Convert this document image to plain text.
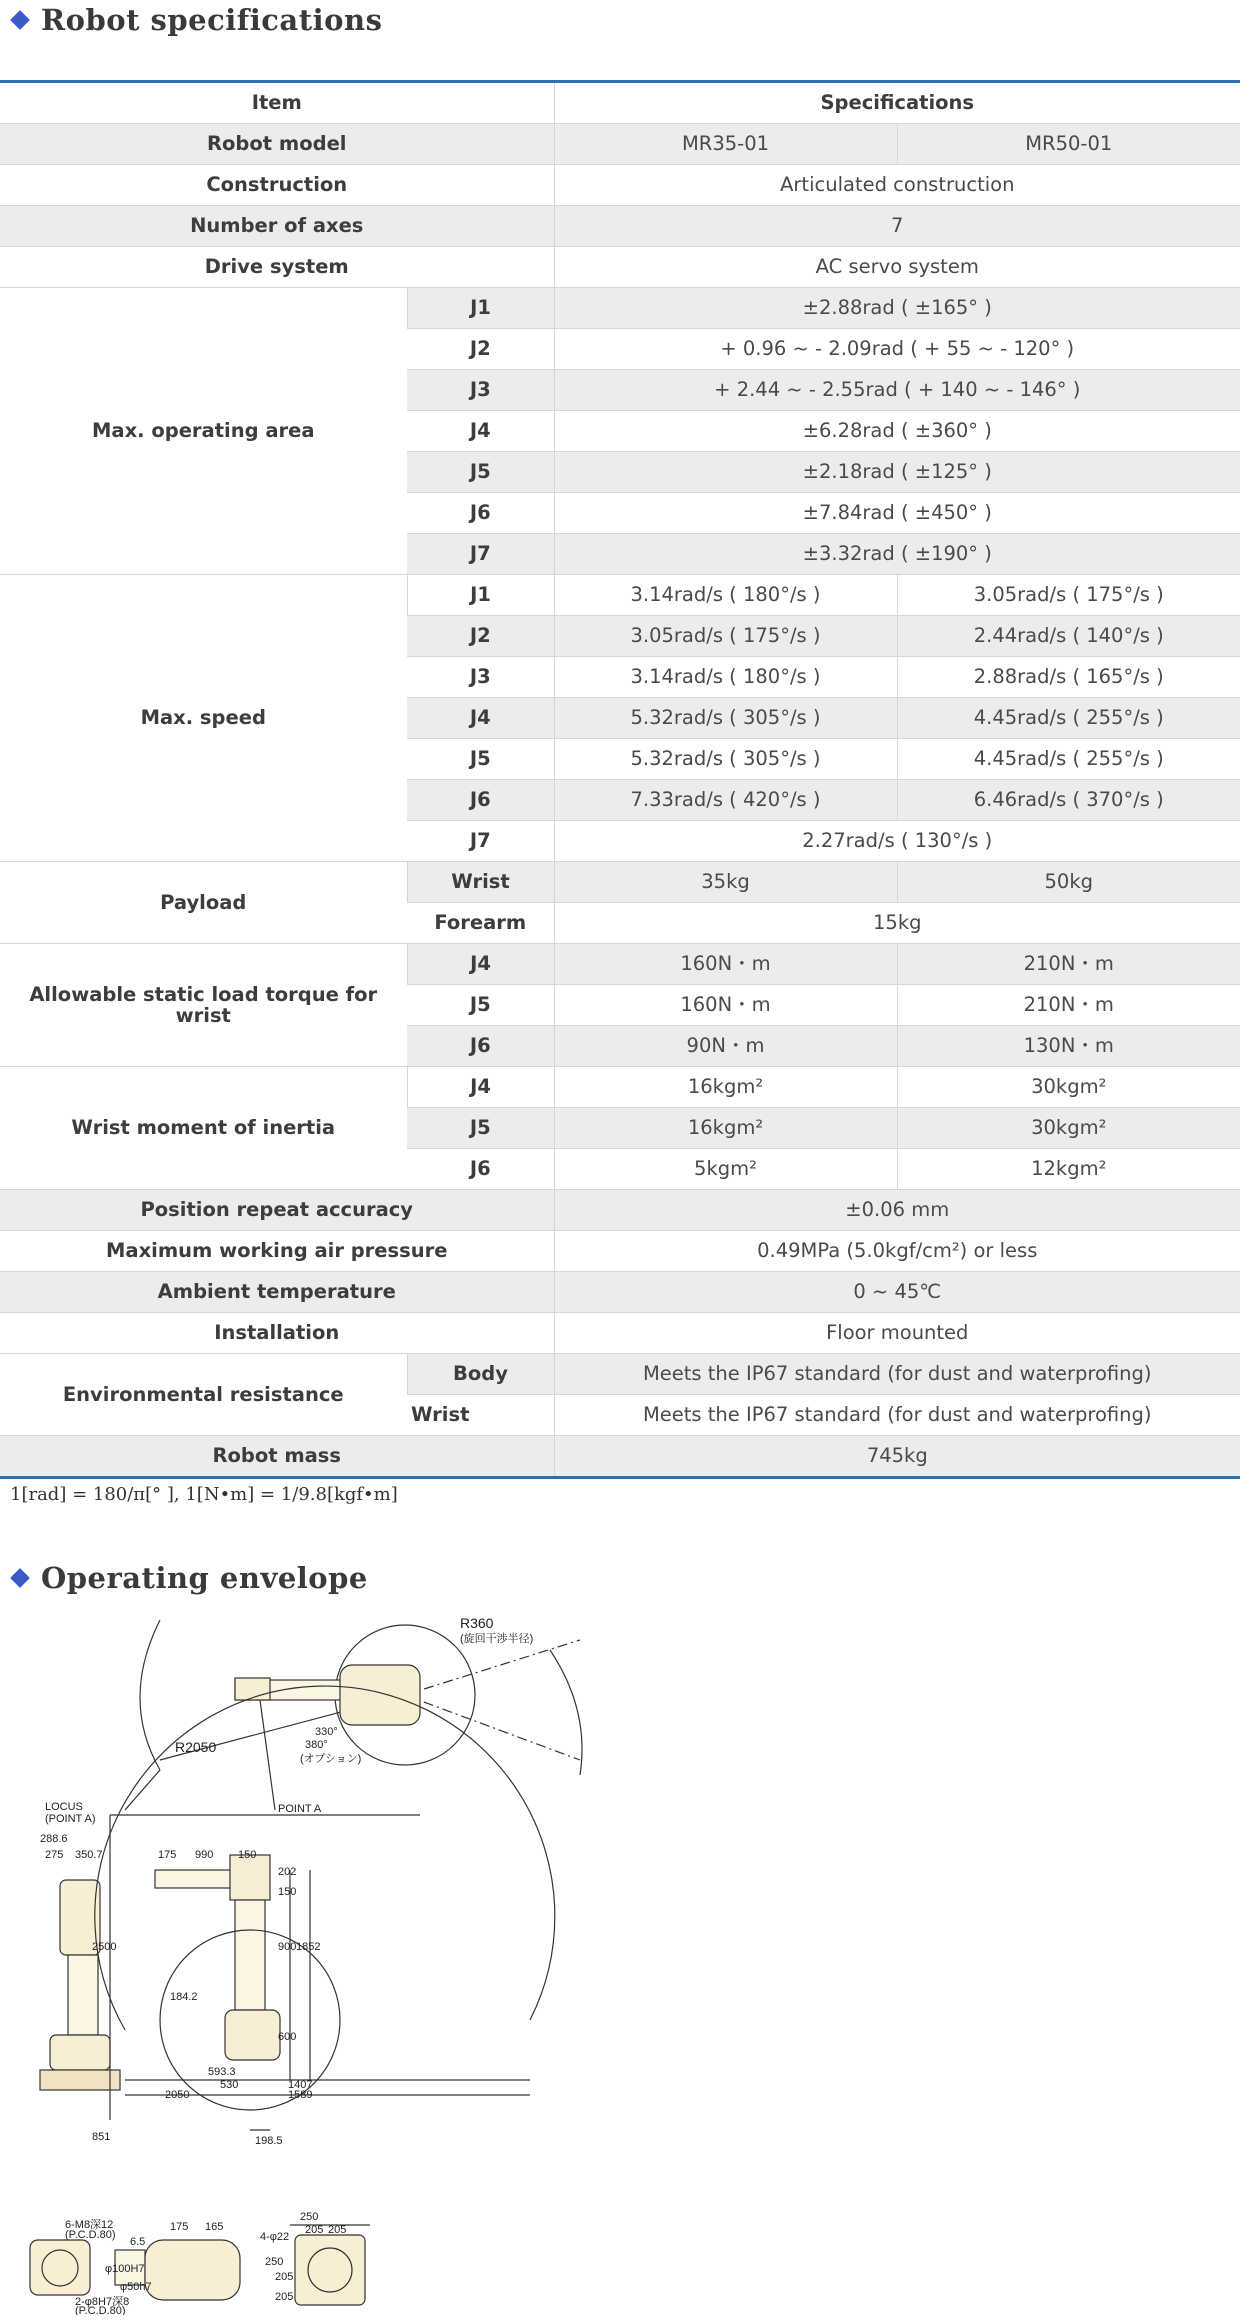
Robot specifications
Item		Specifications	
Robot model		MR35-01	MR50-01
Construction		Articulated construction	
Number of axes		7	
Drive system		AC servo system	
Max. operating area	J1	±2.88rad ( ±165° )	
	J2	+ 0.96 ~ - 2.09rad ( + 55 ~ - 120° )	
	J3	+ 2.44 ~ - 2.55rad ( + 140 ~ - 146° )	
	J4	±6.28rad ( ±360° )	
	J5	±2.18rad ( ±125° )	
	J6	±7.84rad ( ±450° )	
	J7	±3.32rad ( ±190° )	
Max. speed	J1	3.14rad/s ( 180°/s )	3.05rad/s ( 175°/s )
	J2	3.05rad/s ( 175°/s )	2.44rad/s ( 140°/s )
	J3	3.14rad/s ( 180°/s )	2.88rad/s ( 165°/s )
	J4	5.32rad/s ( 305°/s )	4.45rad/s ( 255°/s )
	J5	5.32rad/s ( 305°/s )	4.45rad/s ( 255°/s )
	J6	7.33rad/s ( 420°/s )	6.46rad/s ( 370°/s )
	J7	2.27rad/s ( 130°/s )	
Payload	Wrist	35kg	50kg
	Forearm	15kg	
Allowable static load torque for wrist	J4	160N・m	210N・m
	J5	160N・m	210N・m
	J6	90N・m	130N・m
Wrist moment of inertia	J4	16kgm²	30kgm²
	J5	16kgm²	30kgm²
	J6	5kgm²	12kgm²
Position repeat accuracy		±0.06 mm	
Maximum working air pressure		0.49MPa (5.0kgf/cm²) or less	
Ambient temperature		0 ~ 45℃	
Installation		Floor mounted	
Environmental resistance	Body	Meets the IP67 standard (for dust and waterprofing)	
	Wrist	Meets the IP67 standard (for dust and waterprofing)	
Robot mass		745kg	
1[rad] = 180/π[° ], 1[N•m] = 1/9.8[kgf•m]
Operating envelope
R360
(旋回干渉半径)
R2050
330°
380°
(オプション)
POINT A
LOCUS
(POINT A)
288.6
275 350.7
2500
851
175 990 150
150
202
900 1852
184.2
600
593.3
530	1407
2050	1589
198.5
6-M8深12
(P.C.D.80)
175 165
6.5
φ100H7
φ50h7
2-φ8H7深8
(P.C.D.80)
250
205 205
4-φ22
250
205
205
